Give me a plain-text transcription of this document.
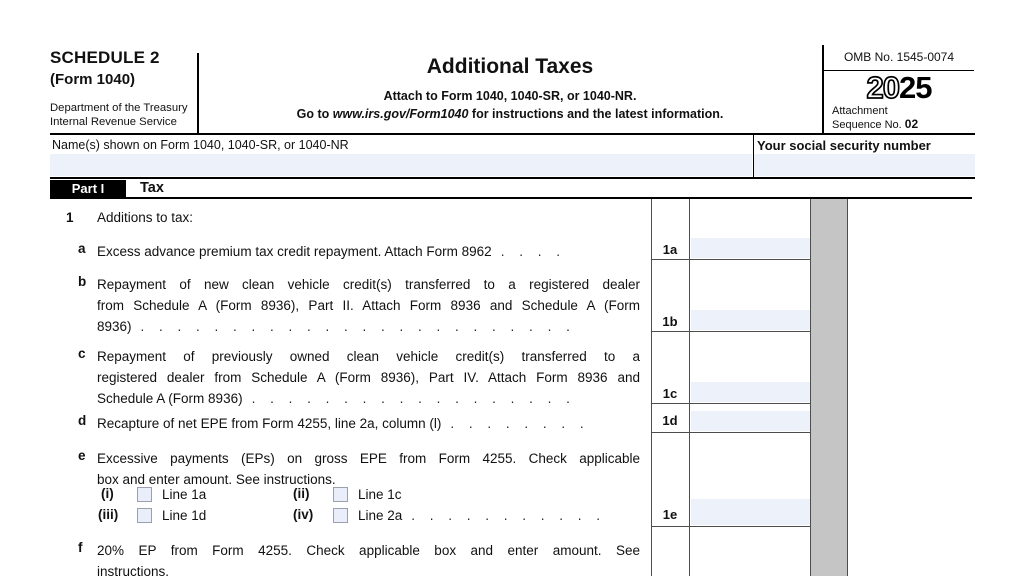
SCHEDULE 2
(Form 1040)
Department of the Treasury
Internal Revenue Service
Additional Taxes
Attach to Form 1040, 1040-SR, or 1040-NR.
Go to www.irs.gov/Form1040 for instructions and the latest information.
OMB No. 1545-0074
2025
Attachment
Sequence No. 02
Name(s) shown on Form 1040, 1040-SR, or 1040-NR	Your social security number
Part I	Tax
1 Additions to tax:
a Excess advance premium tax credit repayment. Attach Form 8962 . . . .	1a
b Repayment of new clean vehicle credit(s) transferred to a registered dealer
from Schedule A (Form 8936), Part II. Attach Form 8936 and Schedule A (Form
8936) . . . . . . . . . . . . . . . . . . . . . . . .	1b
c Repayment of previously owned clean vehicle credit(s) transferred to a
registered dealer from Schedule A (Form 8936), Part IV. Attach Form 8936 and
Schedule A (Form 8936) . . . . . . . . . . . . . . . . . .	1c
d Recapture of net EPE from Form 4255, line 2a, column (l) . . . . . . . .	1d
e Excessive payments (EPs) on gross EPE from Form 4255. Check applicable
box and enter amount. See instructions.
(i)	Line 1a	(ii)	Line 1c
(iii)	Line 1d	(iv)	Line 2a . . . . . . . . . . .	1e
f 20% EP from Form 4255. Check applicable box and enter amount. See
instructions.
